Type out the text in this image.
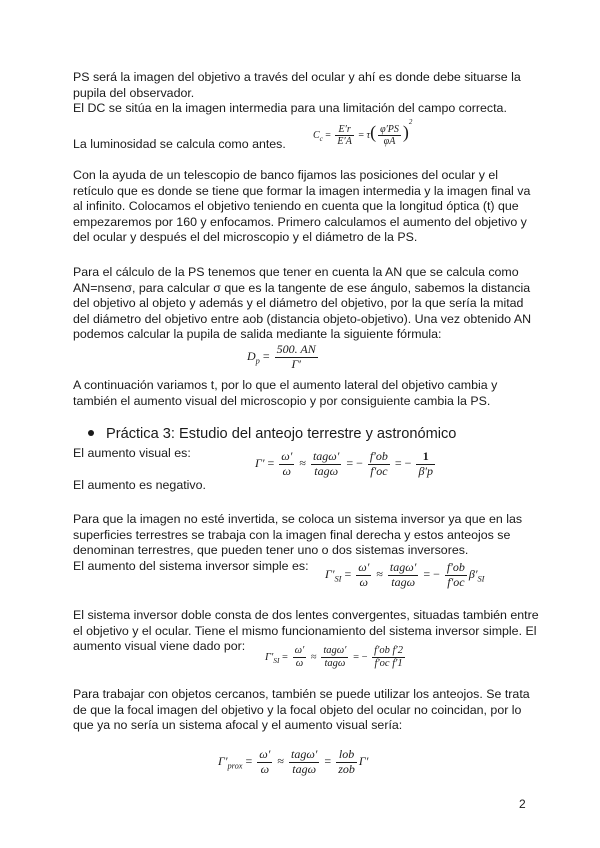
PS será la imagen del objetivo a través del ocular y ahí es donde debe situarse la
pupila del observador.
El DC se sitúa en la imagen intermedia para una limitación del campo correcta.
La luminosidad se calcula como antes.
$C_c = \frac{E'r}{E'A} = \tau( \frac{\varphi'PS}{\varphi A} )^2$
Con la ayuda de un telescopio de banco fijamos las posiciones del ocular y el
retículo que es donde se tiene que formar la imagen intermedia y la imagen final va
al infinito. Colocamos el objetivo teniendo en cuenta que la longitud óptica (t) que
empezaremos por 160 y enfocamos. Primero calculamos el aumento del objetivo y
del ocular y después el del microscopio y el diámetro de la PS.
Para el cálculo de la PS tenemos que tener en cuenta la AN que se calcula como
AN=nsenσ, para calcular σ que es la tangente de ese ángulo, sabemos la distancia
del objetivo al objeto y además y el diámetro del objetivo, por la que sería la mitad
del diámetro del objetivo entre aob (distancia objeto-objetivo). Una vez obtenido AN
podemos calcular la pupila de salida mediante la siguiente fórmula:
$D_p = \frac{500. AN}{\Gamma'}$
A continuación variamos t, por lo que el aumento lateral del objetivo cambia y
también el aumento visual del microscopio y por consiguiente cambia la PS.
Práctica 3: Estudio del anteojo terrestre y astronómico
El aumento visual es:
$\Gamma' = \frac{\omega'}{\omega} \approx \frac{\text{tagω′}}{\text{tagω}}$ = − $\frac{f'ob}{f'oc}$ = − $\frac{1}{\beta'p}$
El aumento es negativo.
Para que la imagen no esté invertida, se coloca un sistema inversor ya que en las
superficies terrestres se trabaja con la imagen final derecha y estos anteojos se
denominan terrestres, que pueden tener uno o dos sistemas inversores.
El aumento del sistema inversor simple es:
$\Gamma'_{SI} = \frac{\omega'}{\omega} \approx \frac{\text{tagω′}}{\text{tagω}}$ = − $\frac{f'ob}{f'oc} \beta'_{SI}$
El sistema inversor doble consta de dos lentes convergentes, situadas también entre
el objetivo y el ocular. Tiene el mismo funcionamiento del sistema inversor simple. El
aumento visual viene dado por:
$\Gamma'_{SI} = \frac{\omega'}{\omega} \approx \frac{\text{tagω′}}{\text{tagω}}$ = − $\frac{\text{f′ob f′2}}{\text{f′oc f′1}}$
Para trabajar con objetos cercanos, también se puede utilizar los anteojos. Se trata
de que la focal imagen del objetivo y la focal objeto del ocular no coincidan, por lo
que ya no sería un sistema afocal y el aumento visual sería:
$\Gamma'_{prox} = \frac{\omega'}{\omega} \approx \frac{\text{tagω′}}{\text{tagω}} = \frac{\text{lob}}{\text{zob}} \Gamma'$
2
